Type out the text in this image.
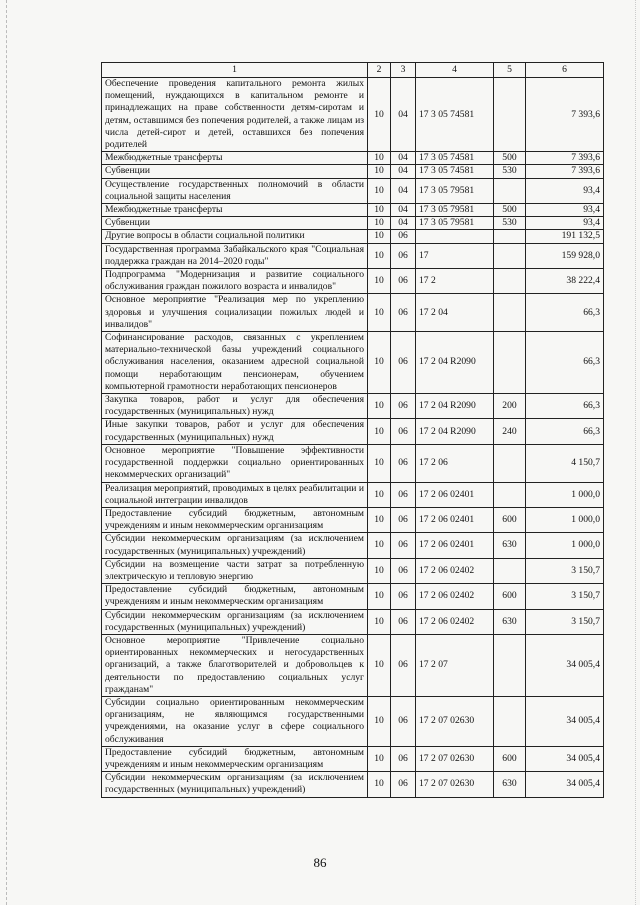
1	2	3	4	5	6
Обеспечение проведения капитального ремонта жилых помещений, нуждающихся в капитальном ремонте и принадлежащих на праве собственности детям-сиротам и детям, оставшимся без попечения родителей, а также лицам из числа детей-сирот и детей, оставшихся без попечения родителей	10	04	17 3 05 74581		7 393,6
Межбюджетные трансферты	10	04	17 3 05 74581	500	7 393,6
Субвенции	10	04	17 3 05 74581	530	7 393,6
Осуществление государственных полномочий в области социальной защиты населения	10	04	17 3 05 79581		93,4
Межбюджетные трансферты	10	04	17 3 05 79581	500	93,4
Субвенции	10	04	17 3 05 79581	530	93,4
Другие вопросы в области социальной политики	10	06			191 132,5
Государственная программа Забайкальского края "Социальная поддержка граждан на 2014–2020 годы"	10	06	17		159 928,0
Подпрограмма "Модернизация и развитие социального обслуживания граждан пожилого возраста и инвалидов"	10	06	17 2		38 222,4
Основное мероприятие "Реализация мер по укреплению здоровья и улучшения социализации пожилых людей и инвалидов"	10	06	17 2 04		66,3
Софинансирование расходов, связанных с укреплением материально-технической базы учреждений социального обслуживания населения, оказанием адресной социальной помощи неработающим пенсионерам, обучением компьютерной грамотности неработающих пенсионеров	10	06	17 2 04 R2090		66,3
Закупка товаров, работ и услуг для обеспечения государственных (муниципальных) нужд	10	06	17 2 04 R2090	200	66,3
Иные закупки товаров, работ и услуг для обеспечения государственных (муниципальных) нужд	10	06	17 2 04 R2090	240	66,3
Основное мероприятие "Повышение эффективности государственной поддержки социально ориентированных некоммерческих организаций"	10	06	17 2 06		4 150,7
Реализация мероприятий, проводимых в целях реабилитации и социальной интеграции инвалидов	10	06	17 2 06 02401		1 000,0
Предоставление субсидий бюджетным, автономным учреждениям и иным некоммерческим организациям	10	06	17 2 06 02401	600	1 000,0
Субсидии некоммерческим организациям (за исключением государственных (муниципальных) учреждений)	10	06	17 2 06 02401	630	1 000,0
Субсидии на возмещение части затрат за потребленную электрическую и тепловую энергию	10	06	17 2 06 02402		3 150,7
Предоставление субсидий бюджетным, автономным учреждениям и иным некоммерческим организациям	10	06	17 2 06 02402	600	3 150,7
Субсидии некоммерческим организациям (за исключением государственных (муниципальных) учреждений)	10	06	17 2 06 02402	630	3 150,7
Основное мероприятие "Привлечение социально ориентированных некоммерческих и негосударственных организаций, а также благотворителей и добровольцев к деятельности по предоставлению социальных услуг гражданам"	10	06	17 2 07		34 005,4
Субсидии социально ориентированным некоммерческим организациям, не являющимся государственными учреждениями, на оказание услуг в сфере социального обслуживания	10	06	17 2 07 02630		34 005,4
Предоставление субсидий бюджетным, автономным учреждениям и иным некоммерческим организациям	10	06	17 2 07 02630	600	34 005,4
Субсидии некоммерческим организациям (за исключением государственных (муниципальных) учреждений)	10	06	17 2 07 02630	630	34 005,4
86
